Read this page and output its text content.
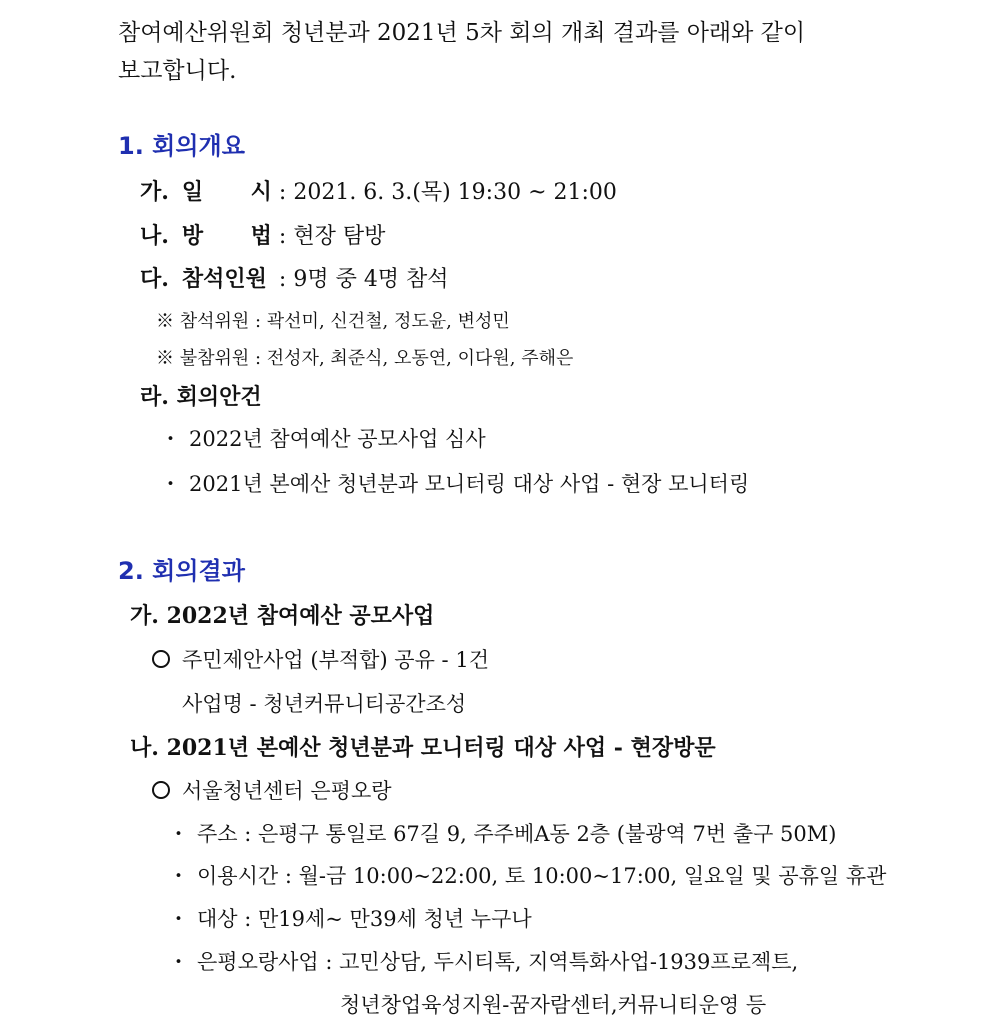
참여예산위원회 청년분과 2021년 5차 회의 개최 결과를 아래와 같이
보고합니다.
1. 회의개요
가. 일 시 : 2021. 6. 3.(목) 19:30 ~ 21:00
나. 방 법 : 현장 탐방
다. 참석인원 : 9명 중 4명 참석
※ 참석위원 : 곽선미, 신건철, 정도윤, 변성민
※ 불참위원 : 전성자, 최준식, 오동연, 이다원, 주해은
라. 회의안건
・ 2022년 참여예산 공모사업 심사
・ 2021년 본예산 청년분과 모니터링 대상 사업 - 현장 모니터링
2. 회의결과
가. 2022년 참여예산 공모사업
주민제안사업 (부적합) 공유 - 1건
사업명 - 청년커뮤니티공간조성
나. 2021년 본예산 청년분과 모니터링 대상 사업 - 현장방문
서울청년센터 은평오랑
・ 주소 : 은평구 통일로 67길 9, 주주베A동 2층 (불광역 7번 출구 50M)
・ 이용시간 : 월-금 10:00~22:00, 토 10:00~17:00, 일요일 및 공휴일 휴관
・ 대상 : 만19세~ 만39세 청년 누구나
・ 은평오랑사업 : 고민상담, 두시티톡, 지역특화사업-1939프로젝트,
청년창업육성지원-꿈자람센터,커뮤니티운영 등
